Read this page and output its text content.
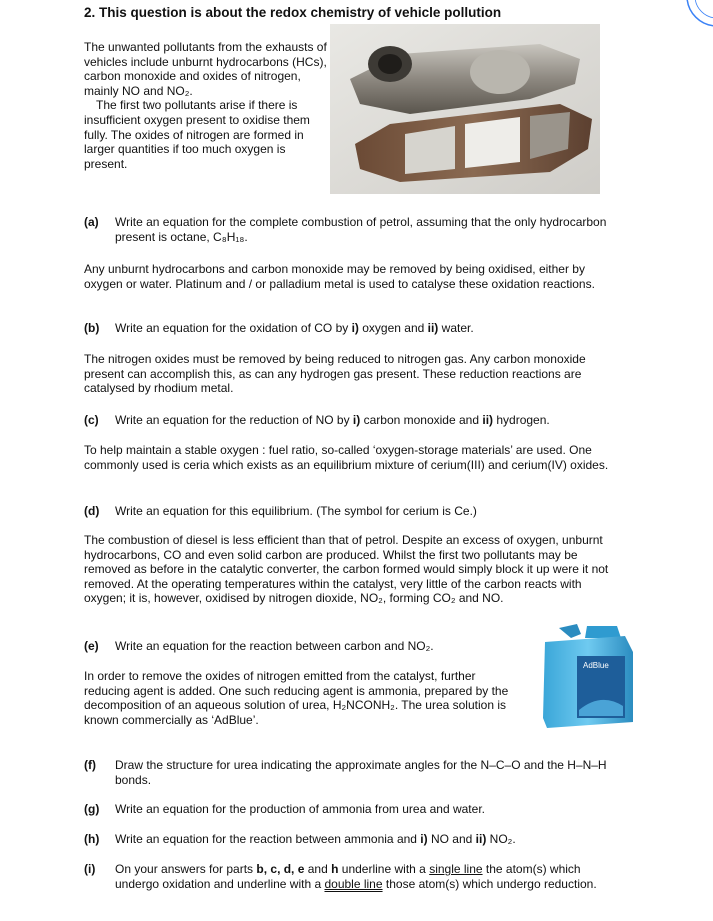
2. This question is about the redox chemistry of vehicle pollution

The unwanted pollutants from the exhausts of vehicles include unburnt hydrocarbons (HCs), carbon monoxide and oxides of nitrogen, mainly NO and NO₂.

The first two pollutants arise if there is insufficient oxygen present to oxidise them fully. The oxides of nitrogen are formed in larger quantities if too much oxygen is present.

(a) Write an equation for the complete combustion of petrol, assuming that the only hydrocarbon present is octane, C₈H₁₈.
Any unburnt hydrocarbons and carbon monoxide may be removed by being oxidised, either by oxygen or water. Platinum and / or palladium metal is used to catalyse these oxidation reactions.
(b) Write an equation for the oxidation of CO by i) oxygen and ii) water.
The nitrogen oxides must be removed by being reduced to nitrogen gas. Any carbon monoxide present can accomplish this, as can any hydrogen gas present. These reduction reactions are catalysed by rhodium metal.
(c) Write an equation for the reduction of NO by i) carbon monoxide and ii) hydrogen.
To help maintain a stable oxygen : fuel ratio, so-called ‘oxygen-storage materials’ are used. One commonly used is ceria which exists as an equilibrium mixture of cerium(III) and cerium(IV) oxides.
(d) Write an equation for this equilibrium. (The symbol for cerium is Ce.)
The combustion of diesel is less efficient than that of petrol. Despite an excess of oxygen, unburnt hydrocarbons, CO and even solid carbon are produced. Whilst the first two pollutants may be removed as before in the catalytic converter, the carbon formed would simply block it up were it not removed. At the operating temperatures within the catalyst, very little of the carbon reacts with oxygen; it is, however, oxidised by nitrogen dioxide, NO₂, forming CO₂ and NO.
(e) Write an equation for the reaction between carbon and NO₂.
In order to remove the oxides of nitrogen emitted from the catalyst, further reducing agent is added. One such reducing agent is ammonia, prepared by the decomposition of an aqueous solution of urea, H₂NCONH₂. The urea solution is known commercially as ‘AdBlue’.
AdBlue
(f) Draw the structure for urea indicating the approximate angles for the N–C–O and the H–N–H bonds.
(g) Write an equation for the production of ammonia from urea and water.
(h) Write an equation for the reaction between ammonia and i) NO and ii) NO₂.
(i) On your answers for parts b, c, d, e and h underline with a single line the atom(s) which undergo oxidation and underline with a double line those atom(s) which undergo reduction.
